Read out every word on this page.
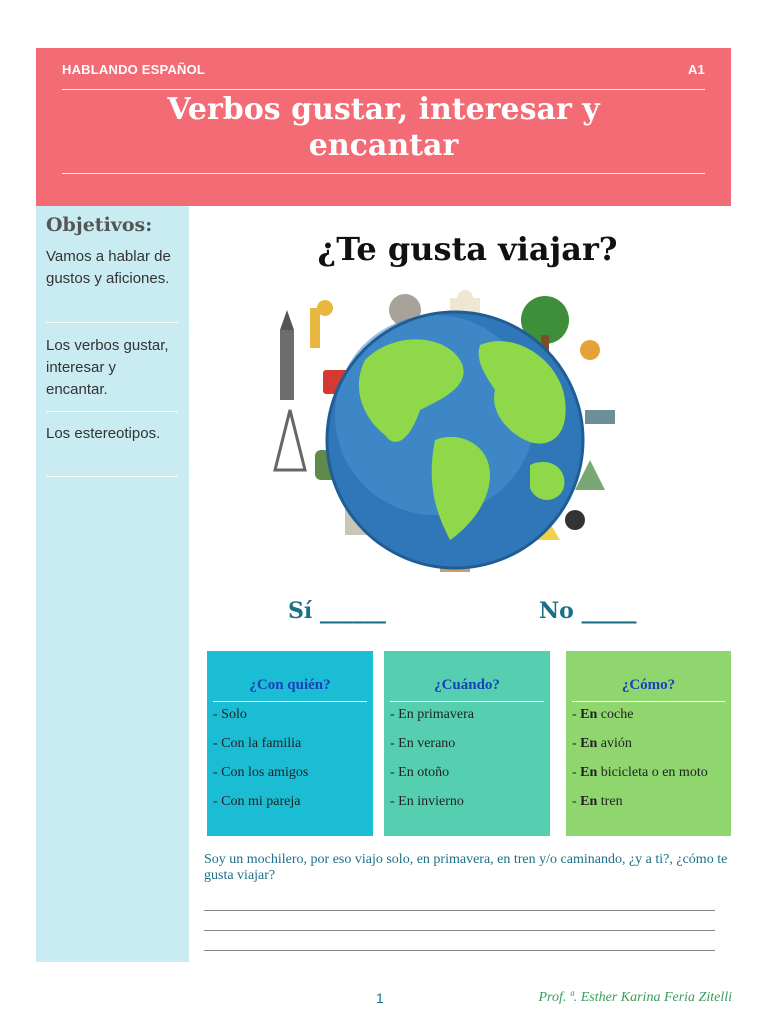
HABLANDO ESPAÑOL	A1
Verbos gustar, interesar y encantar
Objetivos:
Vamos a hablar de gustos y aficiones.
Los verbos gustar, interesar y encantar.
Los estereotipos.
¿Te gusta viajar?
Sí ______	No _____
¿Con quién?
- Solo
- Con la familia
- Con los amigos
- Con mi pareja
¿Cuándo?
- En primavera
- En verano
- En otoño
- En invierno
¿Cómo?
- En coche
- En avión
- En bicicleta o en moto
- En tren
Soy un mochilero, por eso viajo solo, en primavera, en tren y/o caminando, ¿y a ti?, ¿cómo te gusta viajar?
1	Prof. ª. Esther Karina Feria Zitelli
